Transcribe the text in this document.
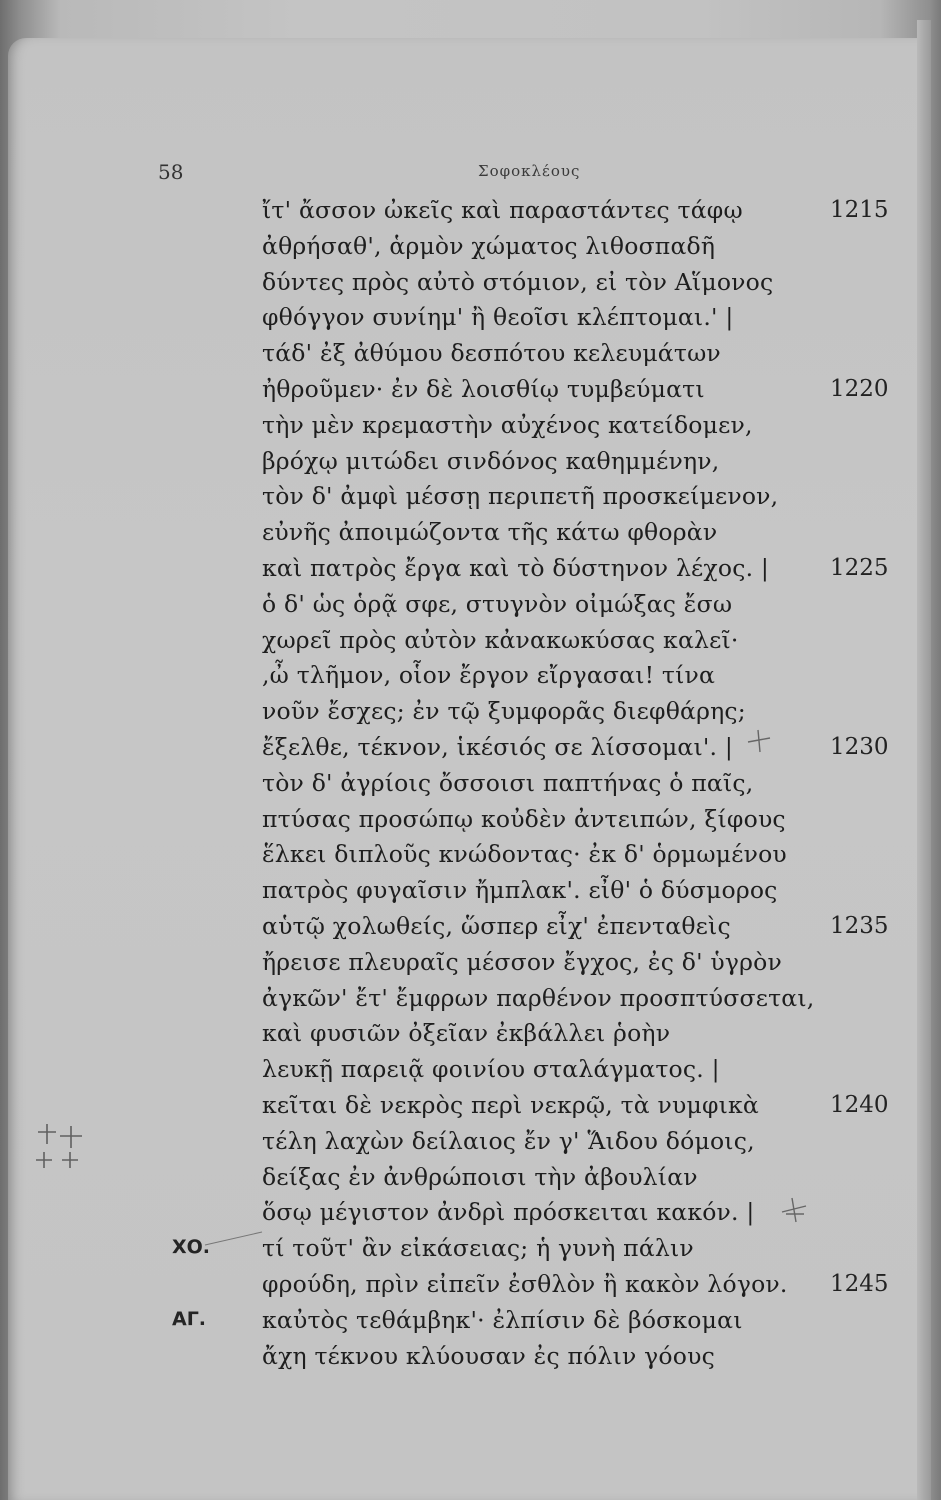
58	Σοφοκλέους
ἴτ' ἄσσον ὠκεῖς καὶ παραστάντες τάφῳ	1215
ἀθρήσαθ', ἁρμὸν χώματος λιθοσπαδῆ
δύντες πρὸς αὐτὸ στόμιον, εἰ τὸν Αἵμονος
φθόγγον συνίημ' ἢ θεοῖσι κλέπτομαι.' |
τάδ' ἐξ ἀθύμου δεσπότου κελευμάτων
ἠθροῦμεν· ἐν δὲ λοισθίῳ τυμβεύματι	1220
τὴν μὲν κρεμαστὴν αὐχένος κατείδομεν,
βρόχῳ μιτώδει σινδόνος καθημμένην,
τὸν δ' ἀμφὶ μέσσῃ περιπετῆ προσκείμενον,
εὐνῆς ἀποιμώζοντα τῆς κάτω φθορὰν
καὶ πατρὸς ἔργα καὶ τὸ δύστηνον λέχος. |	1225
ὁ δ' ὡς ὁρᾷ σφε, στυγνὸν οἰμώξας ἔσω
χωρεῖ πρὸς αὐτὸν κἀνακωκύσας καλεῖ·
,ὦ τλῆμον, οἷον ἔργον εἴργασαι! τίνα
νοῦν ἔσχες; ἐν τῷ ξυμφορᾶς διεφθάρης;
ἔξελθε, τέκνον, ἱκέσιός σε λίσσομαι'. |	1230
τὸν δ' ἀγρίοις ὄσσοισι παπτήνας ὁ παῖς,
πτύσας προσώπῳ κοὐδὲν ἀντειπών, ξίφους
ἕλκει διπλοῦς κνώδοντας· ἐκ δ' ὁρμωμένου
πατρὸς φυγαῖσιν ἤμπλακ'. εἶθ' ὁ δύσμορος
αὑτῷ χολωθείς, ὥσπερ εἶχ' ἐπενταθεὶς	1235
ἤρεισε πλευραῖς μέσσον ἔγχος, ἐς δ' ὑγρὸν
ἀγκῶν' ἔτ' ἔμφρων παρθένον προσπτύσσεται,
καὶ φυσιῶν ὀξεῖαν ἐκβάλλει ῥοὴν
λευκῇ παρειᾷ φοινίου σταλάγματος. |
κεῖται δὲ νεκρὸς περὶ νεκρῷ, τὰ νυμφικὰ	1240
τέλη λαχὼν δείλαιος ἔν γ' Ἅιδου δόμοις,
δείξας ἐν ἀνθρώποισι τὴν ἀβουλίαν
ὅσῳ μέγιστον ἀνδρὶ πρόσκειται κακόν. |
ΧΟ. τί τοῦτ' ἂν εἰκάσειας; ἡ γυνὴ πάλιν
φρούδη, πρὶν εἰπεῖν ἐσθλὸν ἢ κακὸν λόγον. 1245
ΑΓ. καὐτὸς τεθάμβηκ'· ἐλπίσιν δὲ βόσκομαι
ἄχη τέκνου κλύουσαν ἐς πόλιν γόους
